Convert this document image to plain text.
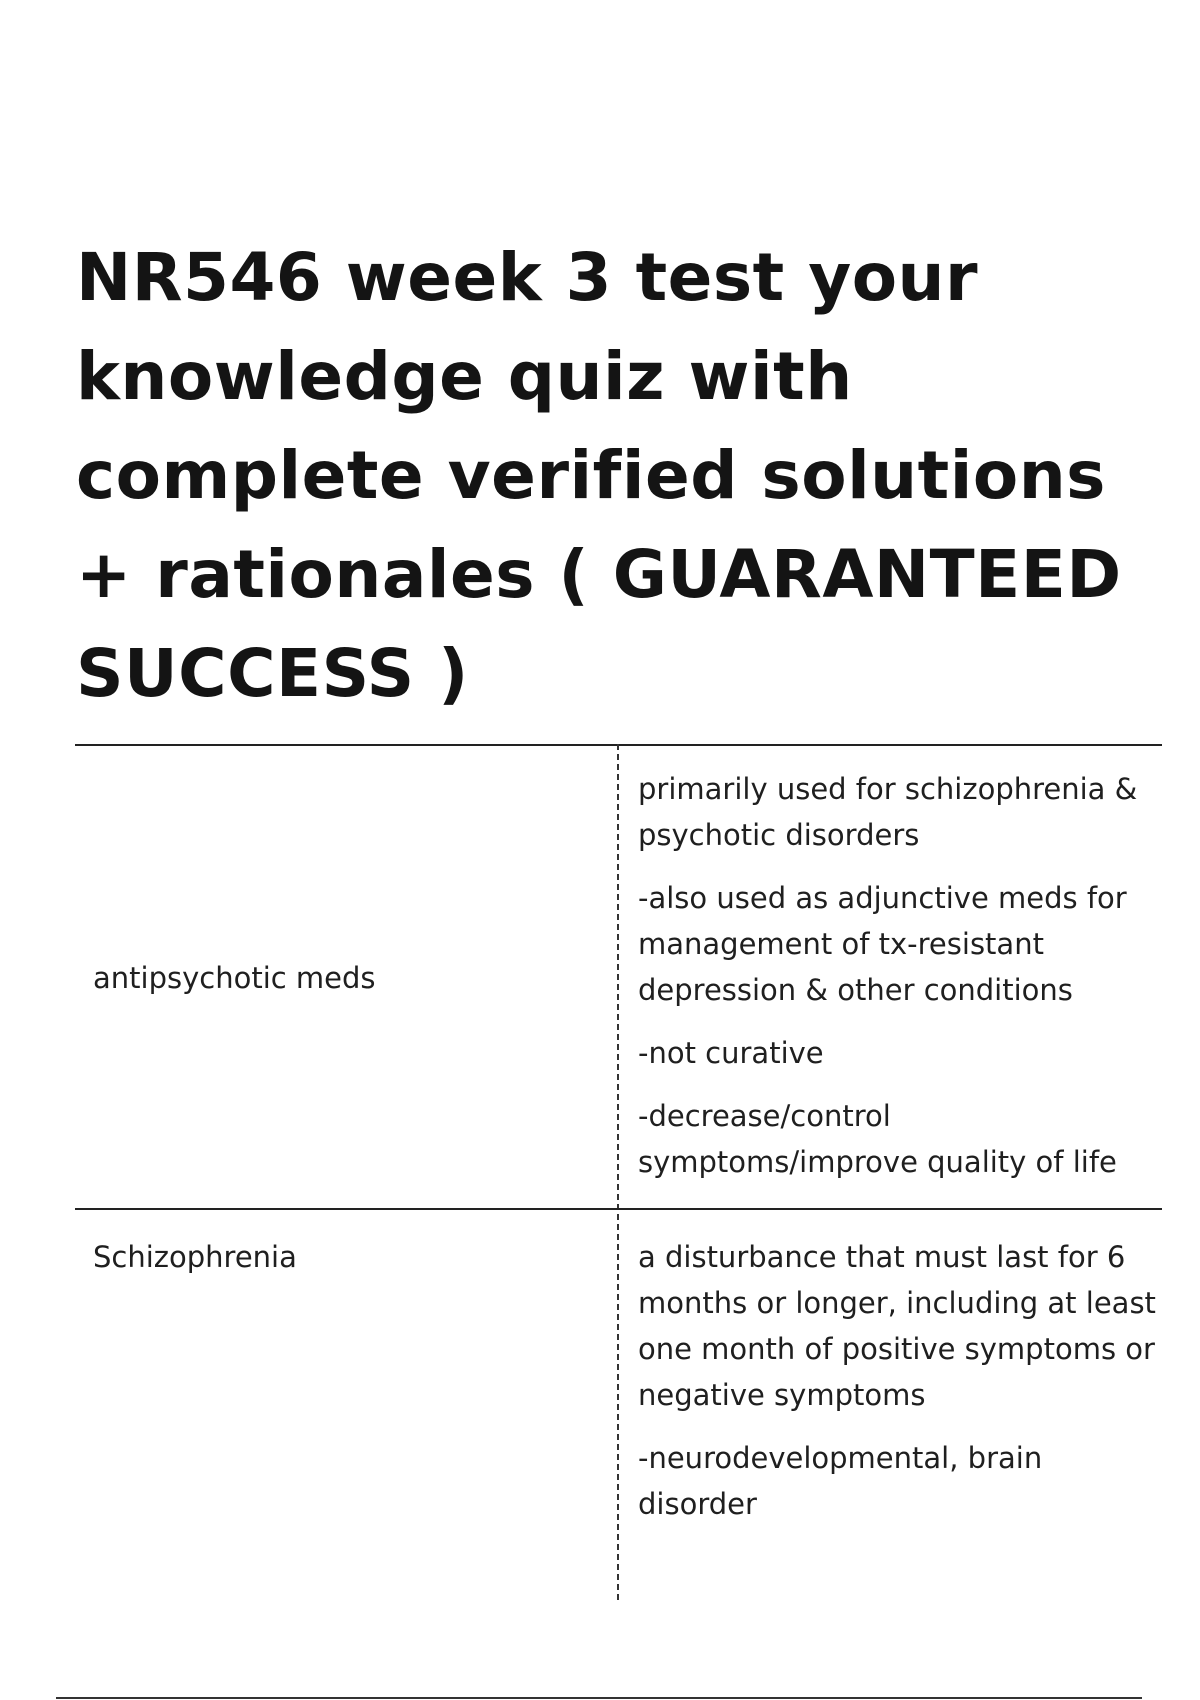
NR546 week 3 test your knowledge quiz with complete verified solutions + rationales ( GUARANTEED SUCCESS )
antipsychotic meds

primarily used for schizophrenia & psychotic disorders

-also used as adjunctive meds for management of tx-resistant depression & other conditions

-not curative

-decrease/control symptoms/improve quality of life

Schizophrenia	a disturbance that must last for 6 months or longer, including at least one month of positive symptoms or negative symptoms

-neurodevelopmental, brain disorder
